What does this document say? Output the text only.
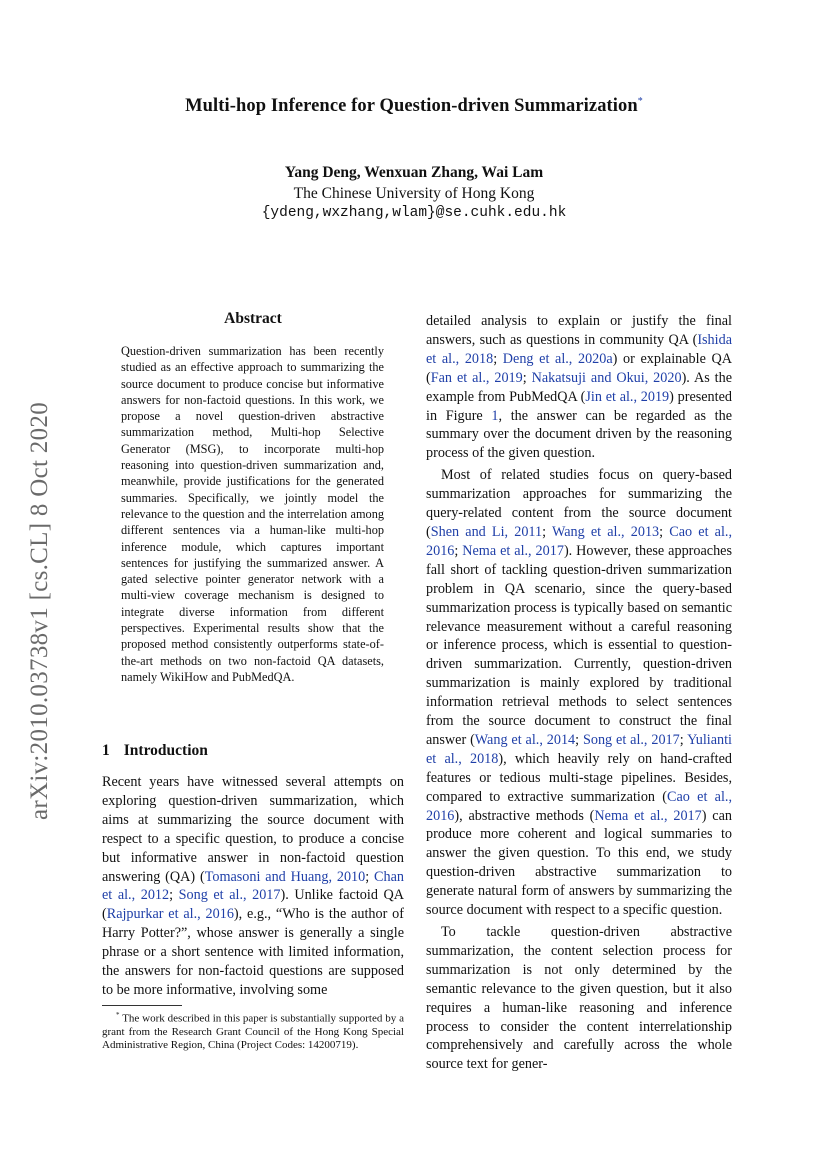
Multi-hop Inference for Question-driven Summarization*
Yang Deng, Wenxuan Zhang, Wai Lam
The Chinese University of Hong Kong
{ydeng,wxzhang,wlam}@se.cuhk.edu.hk
arXiv:2010.03738v1 [cs.CL] 8 Oct 2020
Abstract

Question-driven summarization has been recently studied as an effective approach to summarizing the source document to produce concise but informative answers for non-factoid questions. In this work, we propose a novel question-driven abstractive summarization method, Multi-hop Selective Generator (MSG), to incorporate multi-hop reasoning into question-driven summarization and, meanwhile, provide justifications for the generated summaries. Specifically, we jointly model the relevance to the question and the interrelation among different sentences via a human-like multi-hop inference module, which captures important sentences for justifying the summarized answer. A gated selective pointer generator network with a multi-view coverage mechanism is designed to integrate diverse information from different perspectives. Experimental results show that the proposed method consistently outperforms state-of-the-art methods on two non-factoid QA datasets, namely WikiHow and PubMedQA.

1 Introduction

Recent years have witnessed several attempts on exploring question-driven summarization, which aims at summarizing the source document with respect to a specific question, to produce a concise but informative answer in non-factoid question answering (QA) (Tomasoni and Huang, 2010; Chan et al., 2012; Song et al., 2017). Unlike factoid QA (Rajpurkar et al., 2016), e.g., “Who is the author of Harry Potter?”, whose answer is generally a single phrase or a short sentence with limited information, the answers for non-factoid questions are supposed to be more informative, involving some

* The work described in this paper is substantially supported by a grant from the Research Grant Council of the Hong Kong Special Administrative Region, China (Project Codes: 14200719).

detailed analysis to explain or justify the final answers, such as questions in community QA (Ishida et al., 2018; Deng et al., 2020a) or explainable QA (Fan et al., 2019; Nakatsuji and Okui, 2020). As the example from PubMedQA (Jin et al., 2019) presented in Figure 1, the answer can be regarded as the summary over the document driven by the reasoning process of the given question.

Most of related studies focus on query-based summarization approaches for summarizing the query-related content from the source document (Shen and Li, 2011; Wang et al., 2013; Cao et al., 2016; Nema et al., 2017). However, these approaches fall short of tackling question-driven summarization problem in QA scenario, since the query-based summarization process is typically based on semantic relevance measurement without a careful reasoning or inference process, which is essential to question-driven summarization. Currently, question-driven summarization is mainly explored by traditional information retrieval methods to select sentences from the source document to construct the final answer (Wang et al., 2014; Song et al., 2017; Yulianti et al., 2018), which heavily rely on hand-crafted features or tedious multi-stage pipelines. Besides, compared to extractive summarization (Cao et al., 2016), abstractive methods (Nema et al., 2017) can produce more coherent and logical summaries to answer the given question. To this end, we study question-driven abstractive summarization to generate natural form of answers by summarizing the source document with respect to a specific question.

To tackle question-driven abstractive summarization, the content selection process for summarization is not only determined by the semantic relevance to the given question, but it also requires a human-like reasoning and inference process to consider the content interrelationship comprehensively and carefully across the whole source text for gener-
